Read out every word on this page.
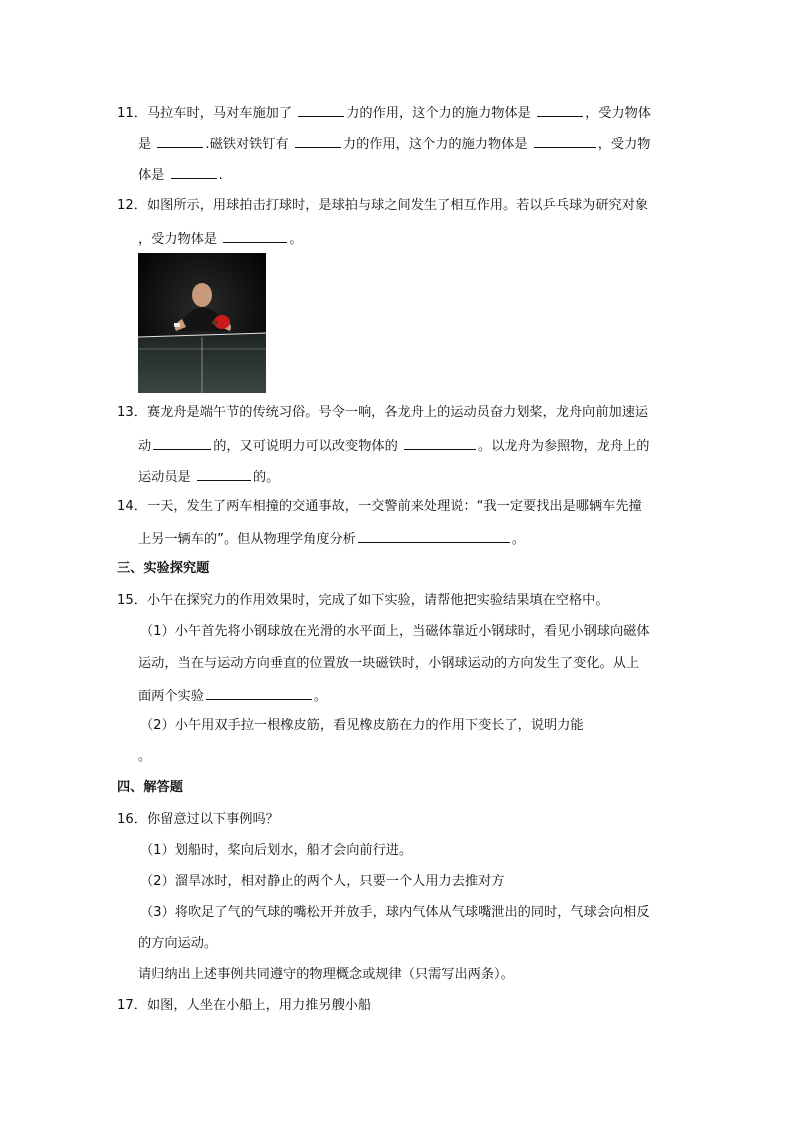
11．马拉车时，马对车施加了	力的作用，这个力的施力物体是	，受力物体
是	.磁铁对铁钉有	力的作用，这个力的施力物体是	，受力物
体是	.
12．如图所示，用球拍击打球时，是球拍与球之间发生了相互作用。若以乒乓球为研究对象
，受力物体是	。
13．赛龙舟是端午节的传统习俗。号令一响，各龙舟上的运动员奋力划桨，龙舟向前加速运
动	的，又可说明力可以改变物体的	。以龙舟为参照物，龙舟上的
运动员是	的。
14．一天，发生了两车相撞的交通事故，一交警前来处理说：“我一定要找出是哪辆车先撞
上另一辆车的”。但从物理学角度分析	。
三、实验探究题
15．小午在探究力的作用效果时，完成了如下实验，请帮他把实验结果填在空格中。
（1）小午首先将小钢球放在光滑的水平面上，当磁体靠近小钢球时，看见小钢球向磁体
运动，当在与运动方向垂直的位置放一块磁铁时，小钢球运动的方向发生了变化。从上
面两个实验	。
（2）小午用双手拉一根橡皮筋，看见橡皮筋在力的作用下变长了，说明力能
。
四、解答题
16．你留意过以下事例吗？
（1）划船时，桨向后划水，船才会向前行进。
（2）溜旱冰时，相对静止的两个人，只要一个人用力去推对方
（3）将吹足了气的气球的嘴松开并放手，球内气体从气球嘴泄出的同时，气球会向相反
的方向运动。
请归纳出上述事例共同遵守的物理概念或规律（只需写出两条）。
17．如图，人坐在小船上，用力推另艘小船
